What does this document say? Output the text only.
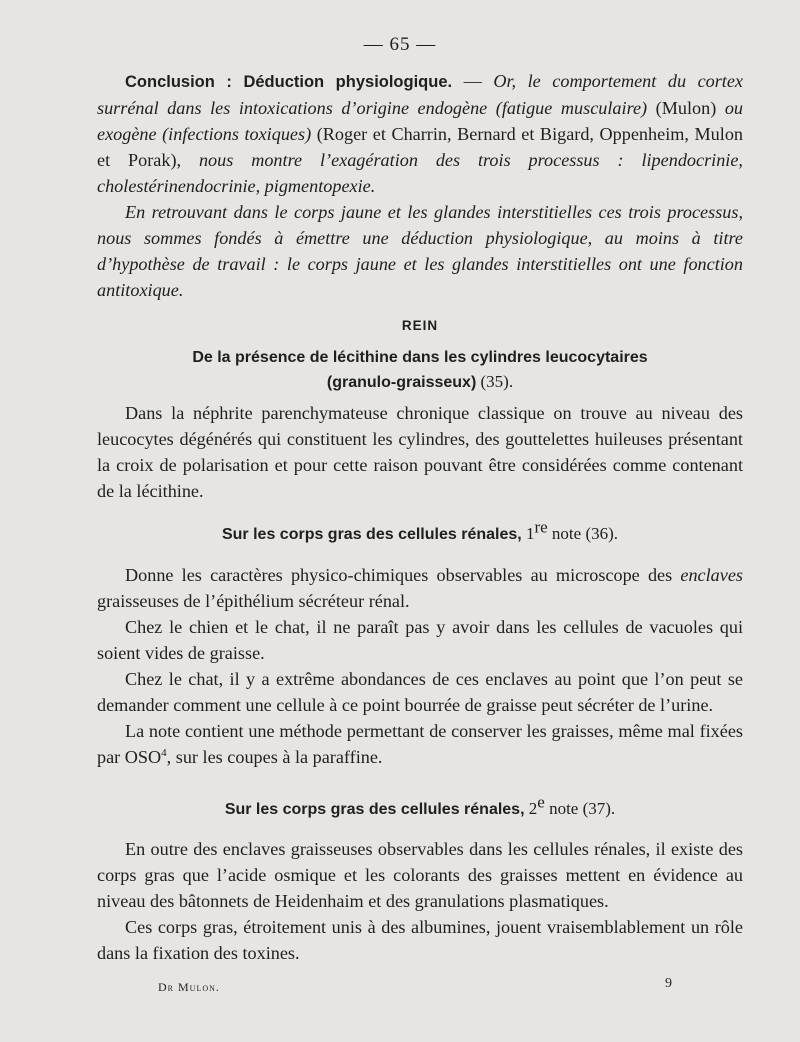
— 65 —

Conclusion : Déduction physiologique. — Or, le comportement du cortex surrénal dans les intoxications d’origine endogène (fatigue musculaire) (Mulon) ou exogène (infections toxiques) (Roger et Charrin, Bernard et Bigard, Oppenheim, Mulon et Porak), nous montre l’exagération des trois processus : lipendocrinie, cholestérinendocrinie, pigmentopexie.

En retrouvant dans le corps jaune et les glandes interstitielles ces trois processus, nous sommes fondés à émettre une déduction physiologique, au moins à titre d’hypothèse de travail : le corps jaune et les glandes interstitielles ont une fonction antitoxique.

REIN
De la présence de lécithine dans les cylindres leucocytaires
(granulo-graisseux) (35).

Dans la néphrite parenchymateuse chronique classique on trouve au niveau des leucocytes dégénérés qui constituent les cylindres, des gouttelettes huileuses présentant la croix de polarisation et pour cette raison pouvant être considérées comme contenant de la lécithine.

Sur les corps gras des cellules rénales, 1re note (36).

Donne les caractères physico-chimiques observables au microscope des enclaves graisseuses de l’épithélium sécréteur rénal.

Chez le chien et le chat, il ne paraît pas y avoir dans les cellules de vacuoles qui soient vides de graisse.

Chez le chat, il y a extrême abondances de ces enclaves au point que l’on peut se demander comment une cellule à ce point bourrée de graisse peut sécréter de l’urine.

La note contient une méthode permettant de conserver les graisses, même mal fixées par OSO$^4$, sur les coupes à la paraffine.

Sur les corps gras des cellules rénales, 2e note (37).

En outre des enclaves graisseuses observables dans les cellules rénales, il existe des corps gras que l’acide osmique et les colorants des graisses mettent en évidence au niveau des bâtonnets de Heidenhaim et des granulations plasmatiques.

Ces corps gras, étroitement unis à des albumines, jouent vraisemblablement un rôle dans la fixation des toxines.

Dr Mulon.	9
